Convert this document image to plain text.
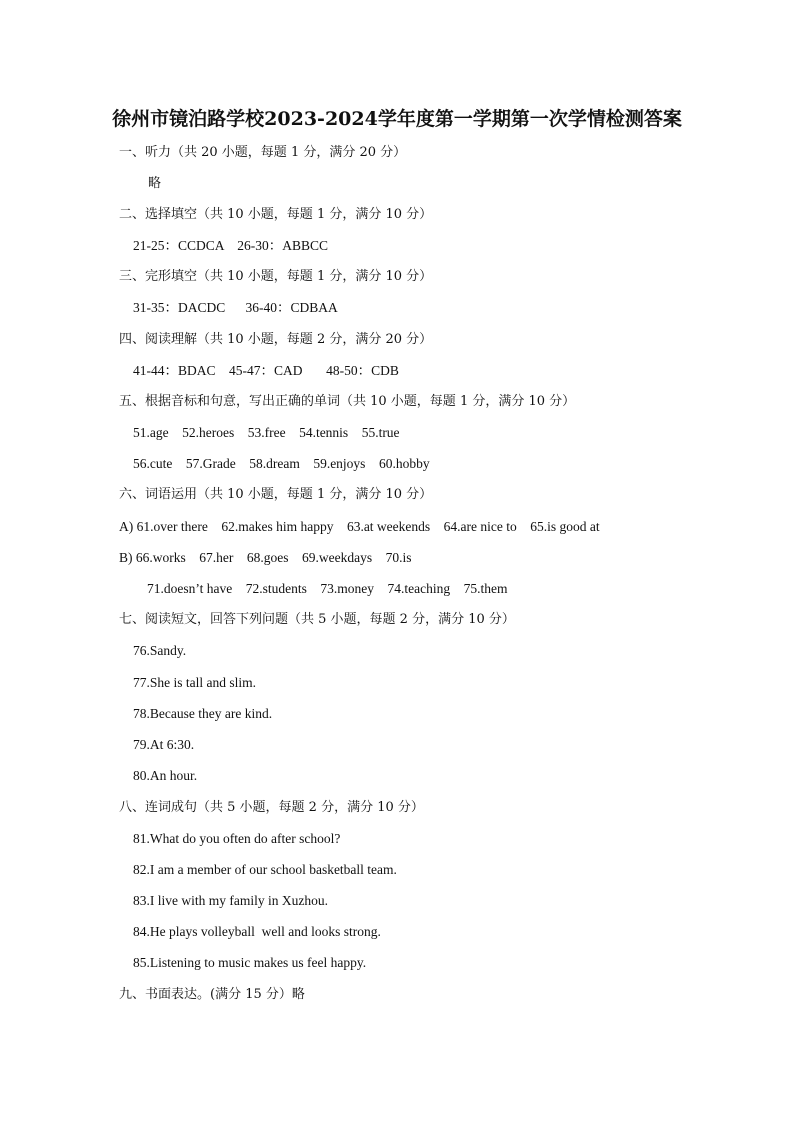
徐州市镜泊路学校2023-2024学年度第一学期第一次学情检测答案
一、听力（共 20 小题，每题 1 分，满分 20 分）
略
二、选择填空（共 10 小题，每题 1 分，满分 10 分）
21-25：CCDCA    26-30：ABBCC
三、完形填空（共 10 小题，每题 1 分，满分 10 分）
31-35：DACDC      36-40：CDBAA
四、阅读理解（共 10 小题，每题 2 分，满分 20 分）
41-44：BDAC    45-47：CAD       48-50：CDB
五、根据音标和句意，写出正确的单词（共 10 小题，每题 1 分，满分 10 分）
51.age    52.heroes    53.free    54.tennis    55.true
56.cute    57.Grade    58.dream    59.enjoys    60.hobby
六、词语运用（共 10 小题，每题 1 分，满分 10 分）
A) 61.over there    62.makes him happy    63.at weekends    64.are nice to    65.is good at
B) 66.works    67.her    68.goes    69.weekdays    70.is
71.doesn’t have    72.students    73.money    74.teaching    75.them
七、阅读短文，回答下列问题（共 5 小题，每题 2 分，满分 10 分）
76.Sandy.
77.She is tall and slim.
78.Because they are kind.
79.At 6:30.
80.An hour.
八、连词成句（共 5 小题，每题 2 分，满分 10 分）
81.What do you often do after school?
82.I am a member of our school basketball team.
83.I live with my family in Xuzhou.
84.He plays volleyball  well and looks strong.
85.Listening to music makes us feel happy.
九、书面表达。(满分 15 分）略
